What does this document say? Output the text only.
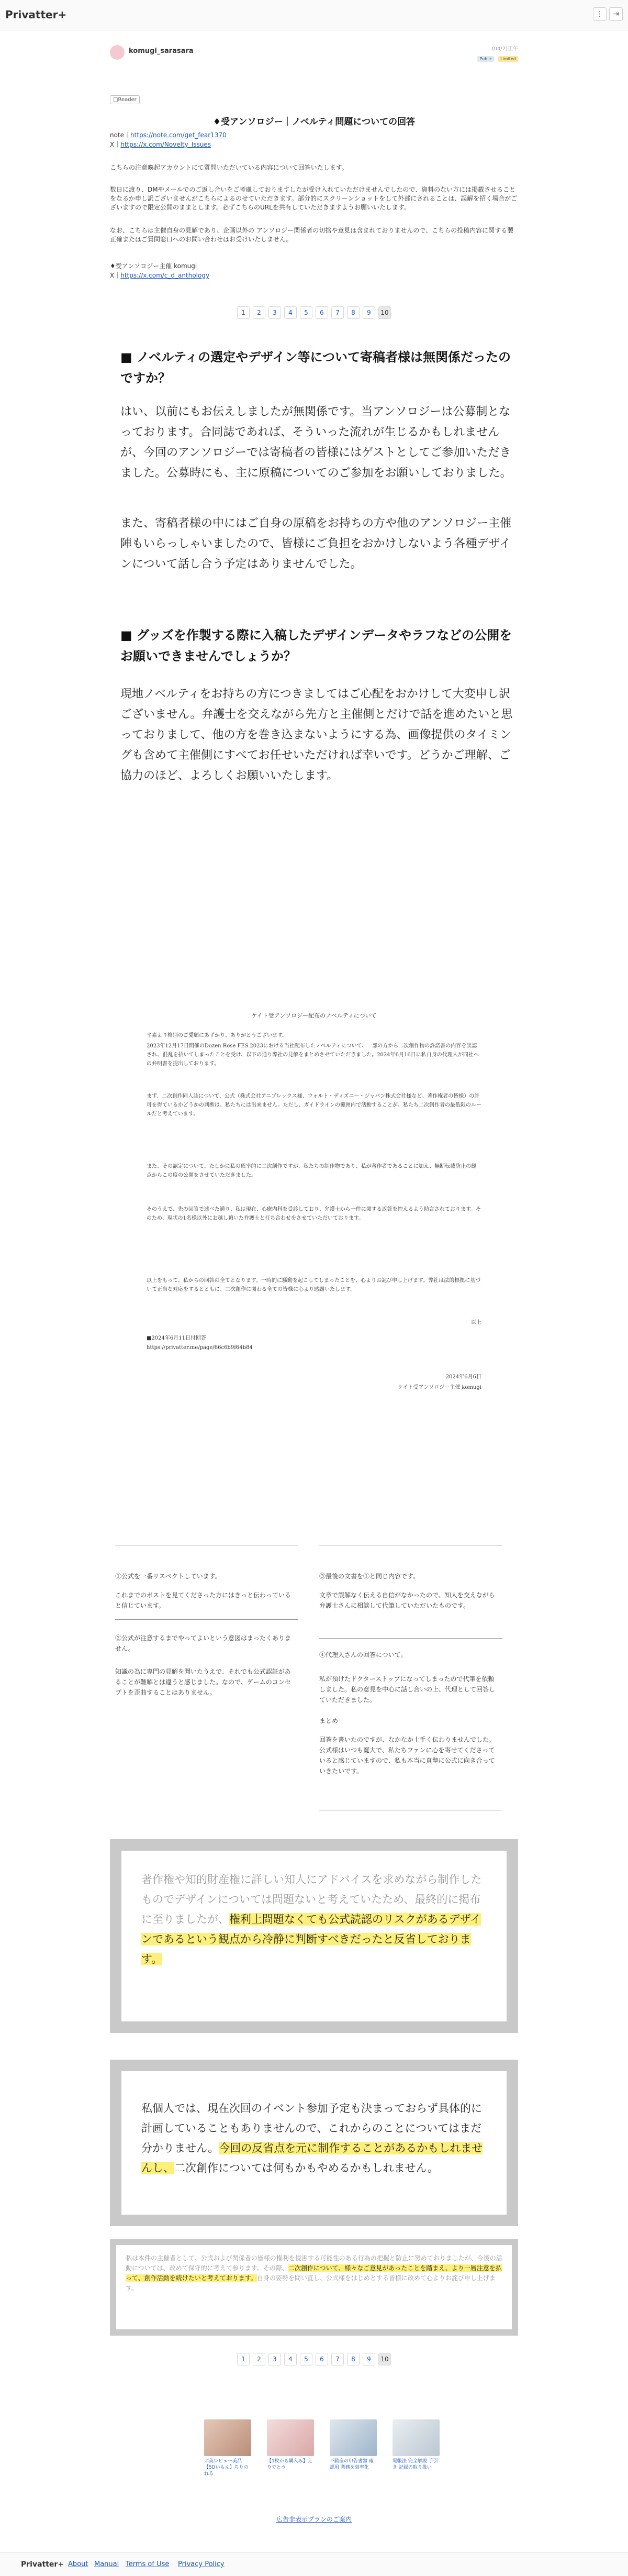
Privatter+	⋮	⇥
komugi_sarasara	(04/2)正午
Public Limited
□Reader
♦受アンソロジー｜ノベルティ問題についての回答
note｜https://note.com/get_fear1370
X｜https://x.com/Novelty_Issues
こちらの注意喚起アカウントにて質問いただいている内容について回答いたします。
数日に渡り、DMやメールでのご返し合いをご考慮しておりますしたが受け入れていただけませんでしたので、資料のない方には掲載させることをなるか申し訳ございませんがこちらによるのせていただきます。部分的にスクリーンショットをして外部にされることは、誤解を招く場合がございますので限定公開のままとします。必ずこちらのURLを共有していただきますようお願いいたします。
なお、こちらは主催自身の見解であり、企画以外の アンソロジー関係者の切捨や意見は含まれておりませんので、こちらの投稿内容に関する製正確またはご質問窓口へのお問い合わせはお受けいたしません。
♦受アンソロジー主催 komugi
X｜https://x.com/c_d_anthology
1 2 3 4 5 6 7 8 9 10
■ ノベルティの選定やデザイン等について寄稿者様は無関係だったのですか？
はい、以前にもお伝えしましたが無関係です。当アンソロジーは公募制となっております。合同誌であれば、そういった流れが生じるかもしれませんが、今回のアンソロジーでは寄稿者の皆様にはゲストとしてご参加いただきました。公募時にも、主に原稿についてのご参加をお願いしておりました。
また、寄稿者様の中にはご自身の原稿をお持ちの方や他のアンソロジー主催陣もいらっしゃいましたので、皆様にご負担をおかけしないよう各種デザインについて話し合う予定はありませんでした。
■ グッズを作製する際に入稿したデザインデータやラフなどの公開をお願いできませんでしょうか？
現地ノベルティをお持ちの方につきましてはご心配をおかけして大変申し訳ございません。弁護士を交えながら先方と主催側とだけで話を進めたいと思っておりまして、他の方を巻き込まないようにする為、画像提供のタイミングも含めて主催側にすべてお任せいただければ幸いです。どうかご理解、ご協力のほど、よろしくお願いいたします。
ケイト受アンソロジー配布のノベルティについて
平素より格別のご愛顧にあずかり、ありがとうございます。
2023年12月17日開催のDozen Rose FES.2023における当社配布したノベルティについて、一部の方から二次創作物の許諾書の内容を誤認され、混乱を招いてしまったことを受け、以下の通り弊社の見解をまとめさせていただきました。2024年6月16日に私自身の代理人が同社への弁明書を提出しております。
まず、二次創作同人誌について、公式（株式会社アニプレックス様、ウォルト・ディズニー・ジャパン株式会社様など、著作権者の皆様）の許可を得ているかどうかの判断は、私たちには出来ません。ただし、ガイドラインの範囲内で活動することが、私たち二次創作者の最低限のルールだと考えています。
また、その認定について、たしかに私の確率的に二次創作ですが、私たちの制作物であり、私が著作者であることに加え、無断転載防止の観点からこの度の公開をさせていただきました。
そのうえで、先の回答で述べた通り、私は現在、心療内科を受診しており、弁護士から一件に関する返答を控えるよう助言されております。そのため、現状の1名様以外にお越し頂いた弁護士と打ち合わせをさせていただいております。
以上をもって、私からの回答の全てとなります。一時的に騒動を起こしてしまったことを、心よりお詫び申し上げます。弊社は法的根拠に基づいて正当な対応をするとともに、二次創作に関わる全ての皆様に心より感謝いたします。
以上
■2024年6月11日付回答
https://privatter.me/page/66c6b9f64b84
2024年6月6日
ケイト受アンソロジー主催 komugi
①公式を一番リスペクトしています。
これまでのポストを見てくださった方にはきっと伝わっていると信じています。
②公式が注意するまでやってよいという意図はまったくありません。
知識の為に専門の見解を聞いたうえで、それでも公式認証があることが難解とは違うと感じました。なので、ゲームのコンセプトを歪曲することはありません。
③最後の文書を①と同じ内容です。
文章で誤解なく伝える自信がなかったので、知人を交えながら弁護士さんに相談して代筆していただいたものです。
④代理人さんの回答について。
私が預けたドクターストップになってしまったので代筆を依頼しました。私の意見を中心に話し合いの上、代理として回答していただきました。
まとめ
回答を書いたのですが、なかなか上手く伝わりませんでした。公式様はいつも寛大で、私たちファンに心を寄せてくださっていると感じていますので、私も本当に真摯に公式に向き合っていきたいです。
著作権や知的財産権に詳しい知人にアドバイスを求めながら制作したものでデザインについては問題ないと考えていたため、最終的に掲布に至りましたが、権利上問題なくても公式読認のリスクがあるデザインであるという観点から冷静に判断すべきだったと反省しております。
私個人では、現在次回のイベント参加予定も決まっておらず具体的に計画していることもありませんので、これからのことについてはまだ分かりません。今回の反省点を元に制作することがあるかもしれませんし、二次創作については何もかもやめるかもしれません。
私は本件の主催者として、公式および関係者の皆様の権利を侵害する可能性のある行為の把握と防止に努めておりましたが、今後の活動については、改めて保守的に考えて参ります。その際、二次創作について、様々なご意見があったことを踏まえ、より一層注意を払って、創作活動を続けたいと考えております。自身の姿勢を問い直し、公式様をはじめとする皆様に改めて心よりお詫び申し上げます。
1 2 3 4 5 6 7 8 9 10
ぷ美レビュー美品【5Dいもん】ちりのれる
【1枚から購入み】えりでとう
不動産の申告書類 確認用 業務を効率化
電帳法 完全解説 手引き 記録の取り扱い
広告非表示プランのご案内
Privatter+ About Manual Terms of Use Privacy Policy
